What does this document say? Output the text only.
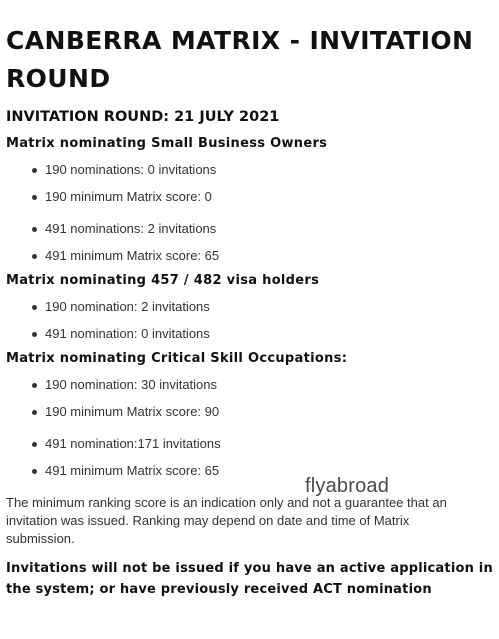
CANBERRA MATRIX - INVITATION ROUND
INVITATION ROUND: 21 JULY 2021
Matrix nominating Small Business Owners
190 nominations: 0 invitations
190 minimum Matrix score: 0
491 nominations: 2 invitations
491 minimum Matrix score: 65
Matrix nominating 457 / 482 visa holders
190 nomination: 2 invitations
491 nomination: 0 invitations
Matrix nominating Critical Skill Occupations:
190 nomination: 30 invitations
190 minimum Matrix score: 90
491 nomination:171 invitations
491 minimum Matrix score: 65

The minimum ranking score is an indication only and not a guarantee that an invitation was issued. Ranking may depend on date and time of Matrix submission.

Invitations will not be issued if you have an active application in the system; or have previously received ACT nomination

flyabroad
